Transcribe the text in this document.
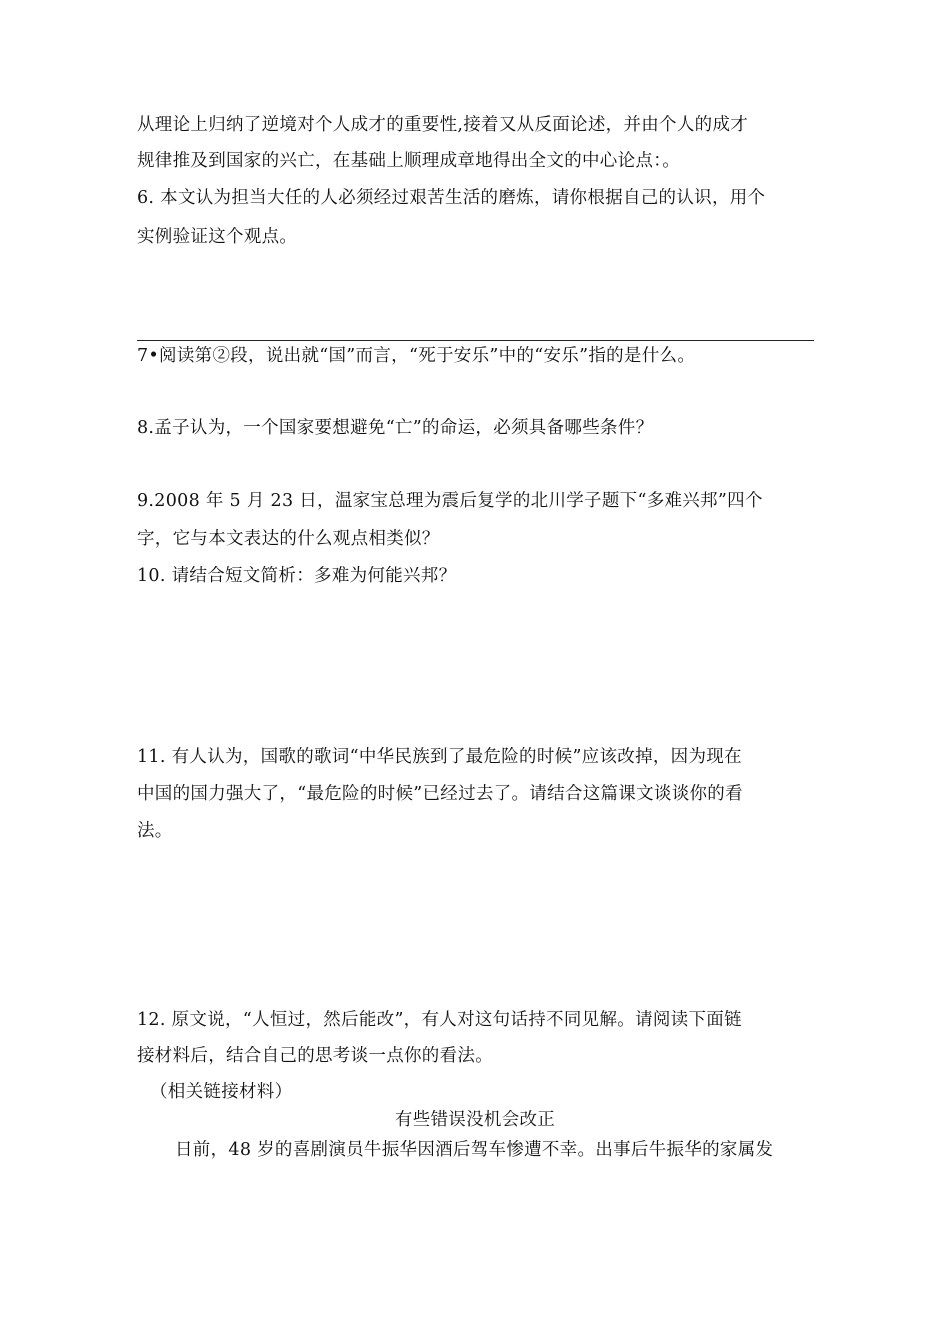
从理论上归纳了逆境对个人成才的重要性,接着又从反面论述，并由个人的成才
规律推及到国家的兴亡，在基础上顺理成章地得出全文的中心论点：。
6. 本文认为担当大任的人必须经过艰苦生活的磨炼，请你根据自己的认识，用个
实例验证这个观点。
7•阅读第②段，说出就“国”而言，“死于安乐”中的“安乐”指的是什么。
8.孟子认为，一个国家要想避免“亡”的命运，必须具备哪些条件？
9.2008 年 5 月 23 日，温家宝总理为震后复学的北川学子题下“多难兴邦”四个
字，它与本文表达的什么观点相类似？
10. 请结合短文简析：多难为何能兴邦？
11. 有人认为，国歌的歌词“中华民族到了最危险的时候”应该改掉，因为现在
中国的国力强大了，“最危险的时候”已经过去了。请结合这篇课文谈谈你的看
法。
12. 原文说，“人恒过，然后能改”，有人对这句话持不同见解。请阅读下面链
接材料后，结合自己的思考谈一点你的看法。
（相关链接材料）
有些错误没机会改正
日前，48 岁的喜剧演员牛振华因酒后驾车惨遭不幸。出事后牛振华的家属发
